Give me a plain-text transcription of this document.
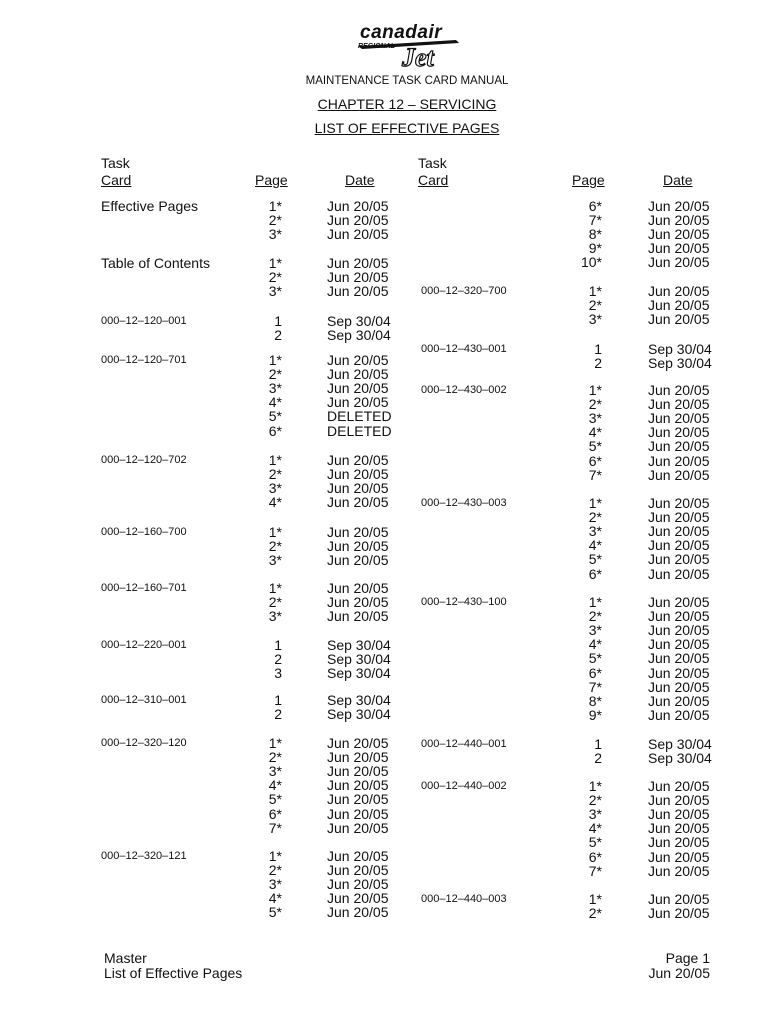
Jet
canadair
REGIONAL
MAINTENANCE TASK CARD MANUAL
CHAPTER 12 – SERVICING
LIST OF EFFECTIVE PAGES
Task
Card	Page	Date
Task
Card	Page	Date
Effective Pages	1*	Jun 20/05
2*	Jun 20/05
3*	Jun 20/05
Table of Contents	1*	Jun 20/05
2*	Jun 20/05
3*	Jun 20/05
000–12–120–001	1	Sep 30/04
2	Sep 30/04
000–12–120–701	1*	Jun 20/05
2*	Jun 20/05
3*	Jun 20/05
4*	Jun 20/05
5*	DELETED
6*	DELETED
000–12–120–702	1*	Jun 20/05
2*	Jun 20/05
3*	Jun 20/05
4*	Jun 20/05
000–12–160–700	1*	Jun 20/05
2*	Jun 20/05
3*	Jun 20/05
000–12–160–701	1*	Jun 20/05
2*	Jun 20/05
3*	Jun 20/05
000–12–220–001	1	Sep 30/04
2	Sep 30/04
3	Sep 30/04
000–12–310–001	1	Sep 30/04
2	Sep 30/04
000–12–320–120	1*	Jun 20/05
2*	Jun 20/05
3*	Jun 20/05
4*	Jun 20/05
5*	Jun 20/05
6*	Jun 20/05
7*	Jun 20/05
000–12–320–121	1*	Jun 20/05
2*	Jun 20/05
3*	Jun 20/05
4*	Jun 20/05
5*	Jun 20/05
6*	Jun 20/05
7*	Jun 20/05
8*	Jun 20/05
9*	Jun 20/05
10*	Jun 20/05
000–12–320–700	1*	Jun 20/05
2*	Jun 20/05
3*	Jun 20/05
000–12–430–001	1	Sep 30/04
2	Sep 30/04
000–12–430–002	1*	Jun 20/05
2*	Jun 20/05
3*	Jun 20/05
4*	Jun 20/05
5*	Jun 20/05
6*	Jun 20/05
7*	Jun 20/05
000–12–430–003	1*	Jun 20/05
2*	Jun 20/05
3*	Jun 20/05
4*	Jun 20/05
5*	Jun 20/05
6*	Jun 20/05
000–12–430–100	1*	Jun 20/05
2*	Jun 20/05
3*	Jun 20/05
4*	Jun 20/05
5*	Jun 20/05
6*	Jun 20/05
7*	Jun 20/05
8*	Jun 20/05
9*	Jun 20/05
000–12–440–001	1	Sep 30/04
2	Sep 30/04
000–12–440–002	1*	Jun 20/05
2*	Jun 20/05
3*	Jun 20/05
4*	Jun 20/05
5*	Jun 20/05
6*	Jun 20/05
7*	Jun 20/05
000–12–440–003	1*	Jun 20/05
2*	Jun 20/05
Master
List of Effective Pages
Page 1
Jun 20/05
